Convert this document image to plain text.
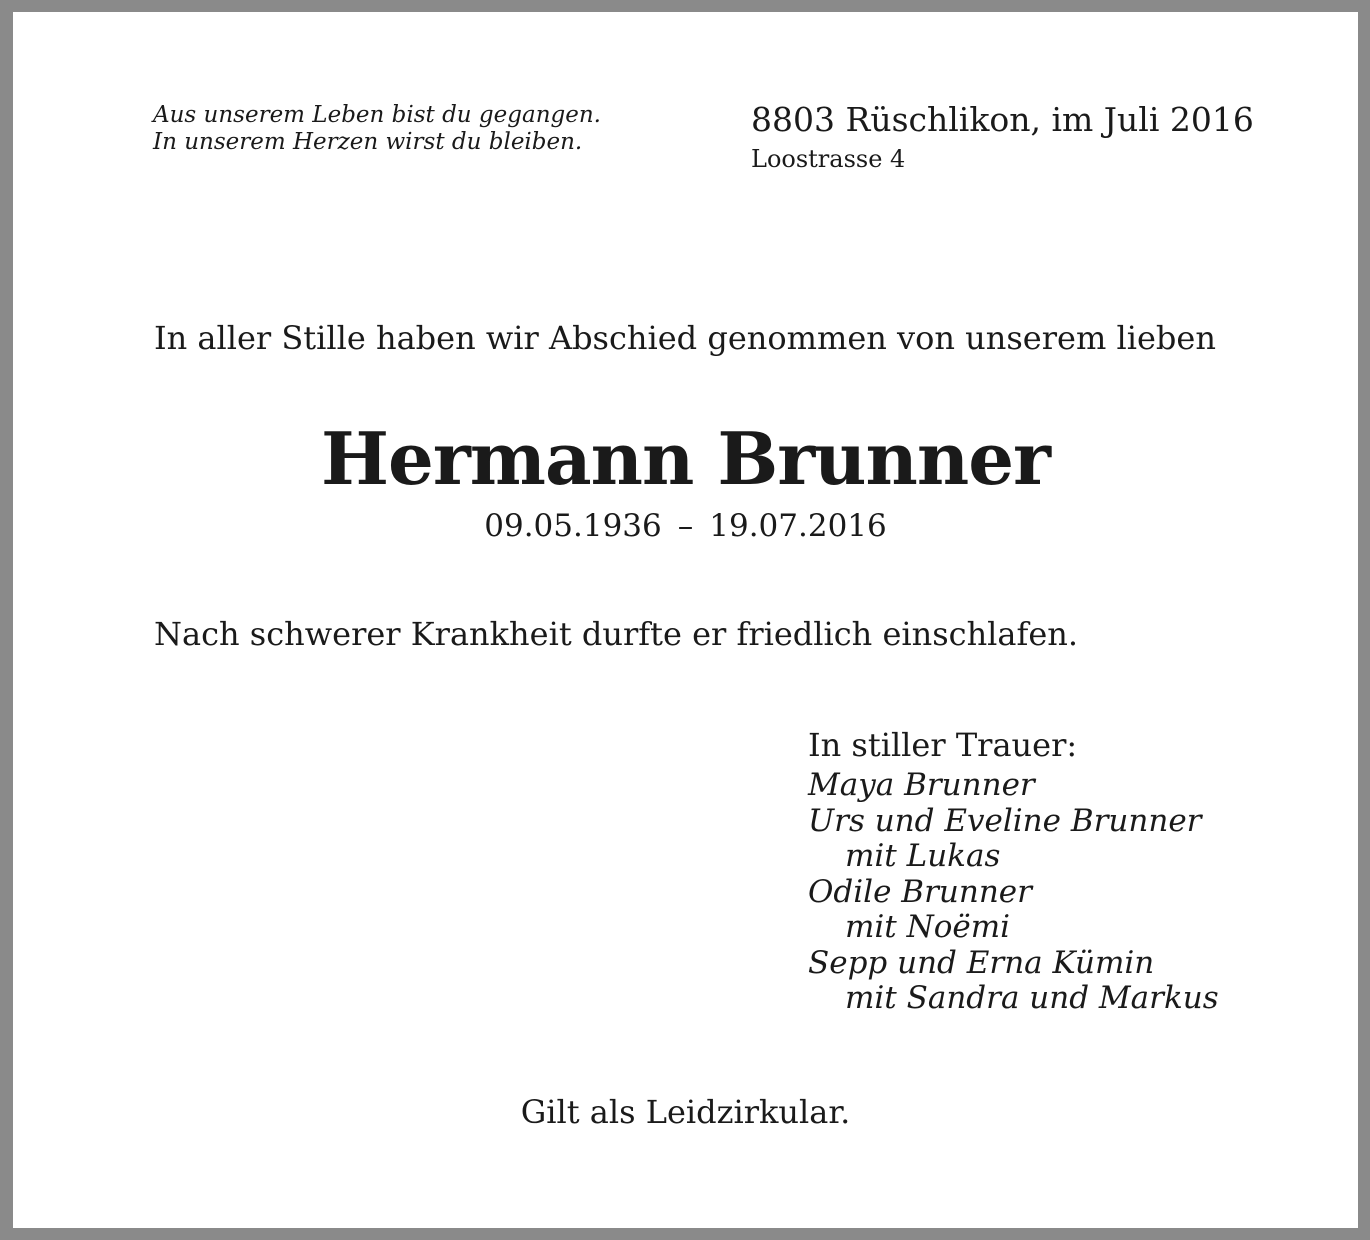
Aus unserem Leben bist du gegangen.
In unserem Herzen wirst du bleiben.
8803 Rüschlikon, im Juli 2016
Loostrasse 4
In aller Stille haben wir Abschied genommen von unserem lieben
Hermann Brunner
09.05.1936 – 19.07.2016
Nach schwerer Krankheit durfte er friedlich einschlafen.
In stiller Trauer:
Maya Brunner
Urs und Eveline Brunner
mit Lukas
Odile Brunner
mit Noëmi
Sepp und Erna Kümin
mit Sandra und Markus
Gilt als Leidzirkular.
